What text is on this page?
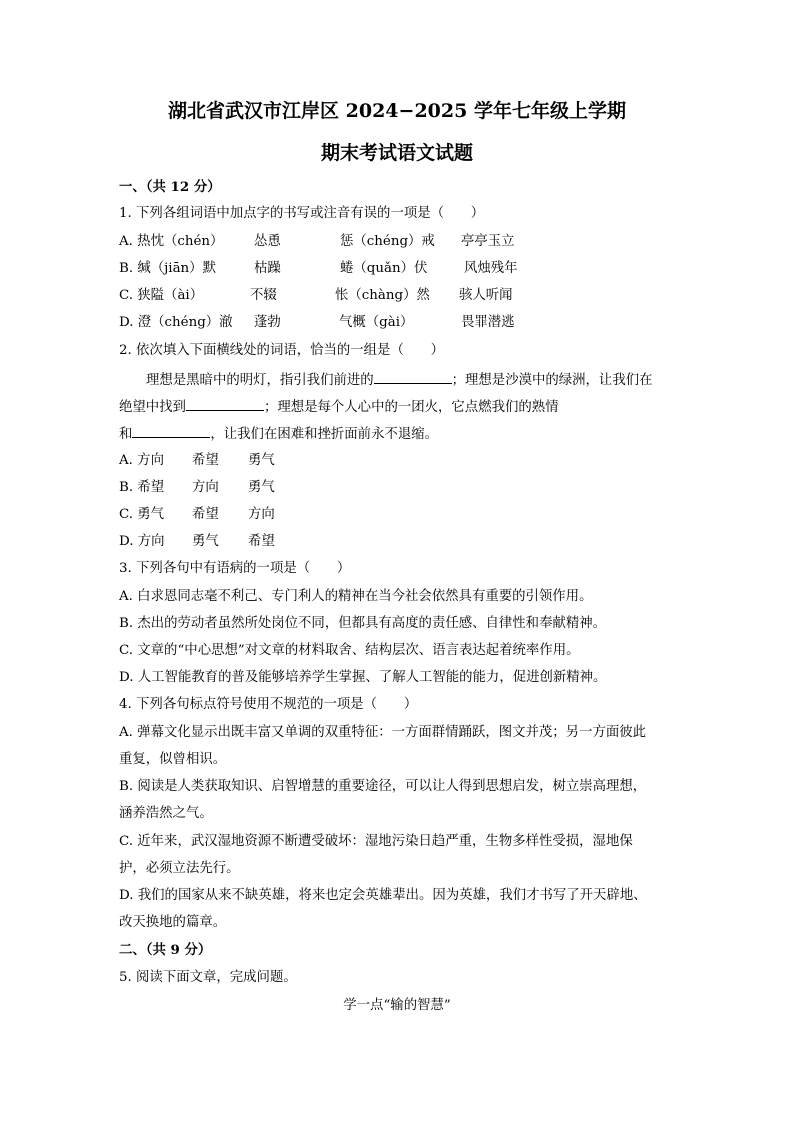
湖北省武汉市江岸区 2024−2025 学年七年级上学期
期末考试语文试题
一、（共 12 分）
1. 下列各组词语中加点字的书写或注音有误的一项是（　　）
A. 热忱（chén） 怂恿	惩（chéng）戒 亭亭玉立
B. 缄（jiān）默	枯躁	蜷（quǎn）伏	风烛残年
C. 狭隘（ài）	不辍	怅（chàng）然 骇人听闻
D. 澄（chéng）澈 蓬勃	气概（gài）	畏罪潜逃
2. 依次填入下面横线处的词语，恰当的一组是（　　）
理想是黑暗中的明灯，指引我们前进的	；理想是沙漠中的绿洲，让我们在
绝望中找到	；理想是每个人心中的一团火，它点燃我们的熟情
和	，让我们在困难和挫折面前永不退缩。
A. 方向 希望 勇气
B. 希望 方向 勇气
C. 勇气 希望 方向
D. 方向 勇气 希望
3. 下列各句中有语病的一项是（　　）
A. 白求恩同志毫不利己、专门利人的精神在当今社会依然具有重要的引领作用。
B. 杰出的劳动者虽然所处岗位不同，但都具有高度的责任感、自律性和奉献精神。
C. 文章的“中心思想”对文章的材料取舍、结构层次、语言表达起着统率作用。
D. 人工智能教育的普及能够培养学生掌握、了解人工智能的能力，促进创新精神。
4. 下列各句标点符号使用不规范的一项是（　　）
A. 弹幕文化显示出既丰富又单调的双重特征：一方面群情踊跃，图文并茂；另一方面彼此
重复，似曾相识。
B. 阅读是人类获取知识、启智增慧的重要途径，可以让人得到思想启发，树立崇高理想，
涵养浩然之气。
C. 近年来，武汉湿地资源不断遭受破坏：湿地污染日趋严重，生物多样性受损，湿地保
护，必须立法先行。
D. 我们的国家从来不缺英雄，将来也定会英雄辈出。因为英雄，我们才书写了开天辟地、
改天换地的篇章。
二、（共 9 分）
5. 阅读下面文章，完成问题。
学一点“输的智慧”
